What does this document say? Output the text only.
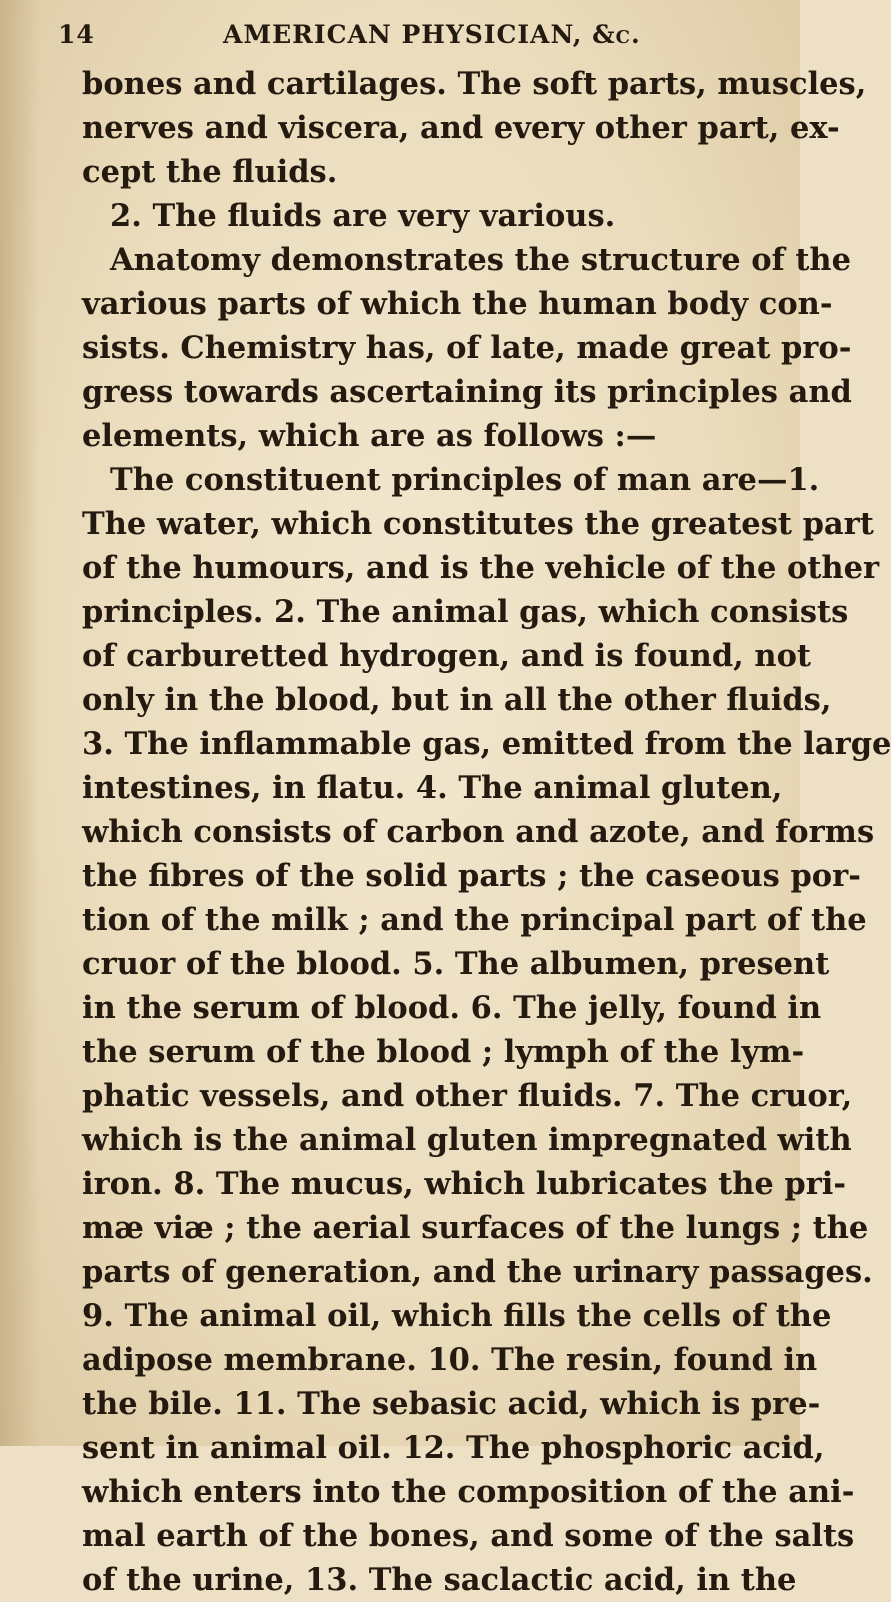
14	AMERICAN PHYSICIAN, &c.
bones and cartilages. The soft parts, muscles,
nerves and viscera, and every other part, ex-
cept the fluids.
2. The fluids are very various.
Anatomy demonstrates the structure of the
various parts of which the human body con-
sists. Chemistry has, of late, made great pro-
gress towards ascertaining its principles and
elements, which are as follows :—
The constituent principles of man are—1.
The water, which constitutes the greatest part
of the humours, and is the vehicle of the other
principles. 2. The animal gas, which consists
of carburetted hydrogen, and is found, not
only in the blood, but in all the other fluids,
3. The inflammable gas, emitted from the large
intestines, in flatu. 4. The animal gluten,
which consists of carbon and azote, and forms
the fibres of the solid parts ; the caseous por-
tion of the milk ; and the principal part of the
cruor of the blood. 5. The albumen, present
in the serum of blood. 6. The jelly, found in
the serum of the blood ; lymph of the lym-
phatic vessels, and other fluids. 7. The cruor,
which is the animal gluten impregnated with
iron. 8. The mucus, which lubricates the pri-
mæ viæ ; the aerial surfaces of the lungs ; the
parts of generation, and the urinary passages.
9. The animal oil, which fills the cells of the
adipose membrane. 10. The resin, found in
the bile. 11. The sebasic acid, which is pre-
sent in animal oil. 12. The phosphoric acid,
which enters into the composition of the ani-
mal earth of the bones, and some of the salts
of the urine, 13. The saclactic acid, in the
